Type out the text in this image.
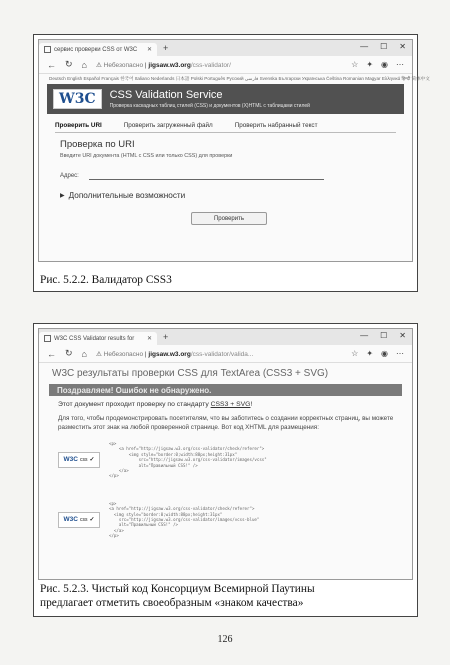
сервис проверки CSS от W3C ✕ +	— ☐ ✕
← ↻ ⌂ ⚠ Небезопасно | jigsaw.w3.org/css-validator/	☆ ✦ ◉ ⋯
Deutsch English Español Français 한국어 Italiano Nederlands 日本語 Polski Português Русский فارسی Svenska Български Українська Čeština Romanian Magyar Ελληνικά हिन्दी 简体中文
W3C	CSS Validation Service
Проверка каскадных таблиц стилей (CSS) и документов (X)HTML с таблицами стилей
Проверить URI	Проверить загруженный файл	Проверить набранный текст
Проверка по URI
Введите URI документа (HTML с CSS или только CSS) для проверки
Адрес:
▶ Дополнительные возможности
Проверить
Рис. 5.2.2. Валидатор CSS3
W3C CSS Validator results for ✕ +	— ☐ ✕
← ↻ ⌂ ⚠ Небезопасно | jigsaw.w3.org/css-validator/valida...	☆ ✦ ◉ ⋯
W3C результаты проверки CSS для TextArea (CSS3 + SVG)
Поздравляем! Ошибок не обнаружено.
Этот документ проходит проверку по стандарту CSS3 + SVG!
Для того, чтобы продемонстрировать посетителям, что вы заботитесь о создании корректных страниц, вы можете разместить этот знак на любой проверенной странице. Вот код XHTML для размещения:
W3C css ✓
<p>
<a href="http://jigsaw.w3.org/css-validator/check/referer">
<img style="border:0;width:88px;height:31px"
src="http://jigsaw.w3.org/css-validator/images/vcss"
alt="Правильный CSS!" />
</a>
</p>
W3C css ✓
<p>
<a href="http://jigsaw.w3.org/css-validator/check/referer">
<img style="border:0;width:88px;height:31px"
src="http://jigsaw.w3.org/css-validator/images/vcss-blue"
alt="Правильный CSS!" />
</a>
</p>
Рис. 5.2.3. Чистый код Консорциум Всемирной Паутины
предлагает отметить своеобразным «знаком качества»
126
